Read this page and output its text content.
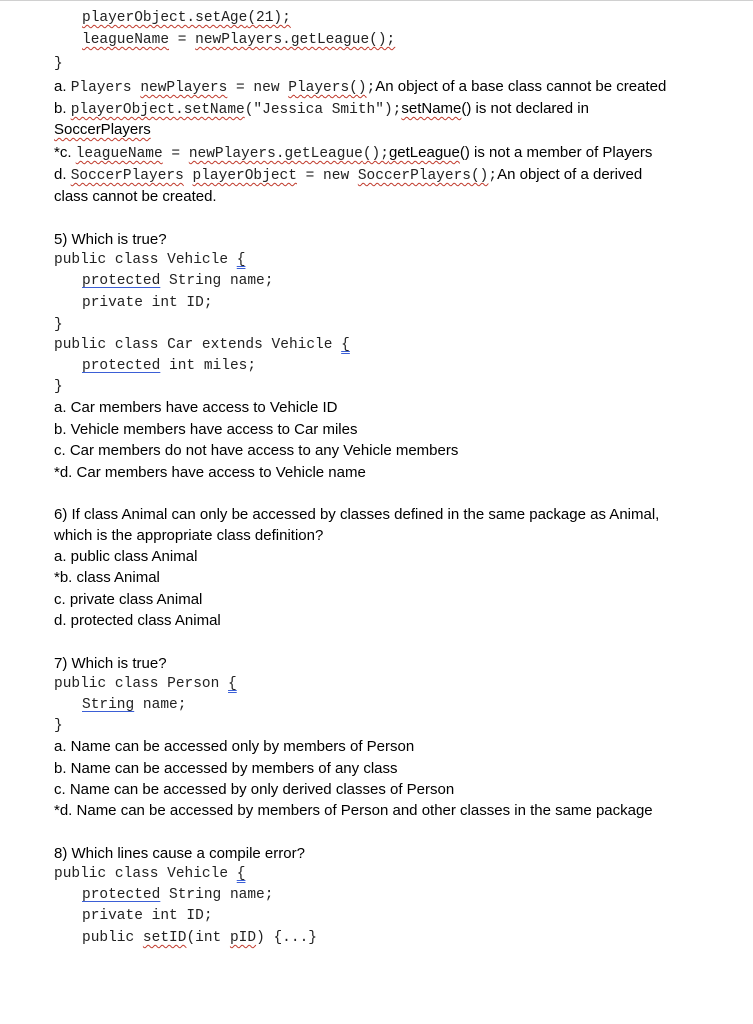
playerObject.setAge(21);
leagueName = newPlayers.getLeague();
}
a. Players newPlayers = new Players();An object of a base class cannot be created
b. playerObject.setName("Jessica Smith");setName() is not declared in
SoccerPlayers
*c. leagueName = newPlayers.getLeague();getLeague() is not a member of Players
d. SoccerPlayers playerObject = new SoccerPlayers();An object of a derived
class cannot be created.
5) Which is true?
public class Vehicle {
protected String name;
private int ID;
}
public class Car extends Vehicle {
protected int miles;
}
a. Car members have access to Vehicle ID
b. Vehicle members have access to Car miles
c. Car members do not have access to any Vehicle members
*d. Car members have access to Vehicle name
6) If class Animal can only be accessed by classes defined in the same package as Animal,
which is the appropriate class definition?
a. public class Animal
*b. class Animal
c. private class Animal
d. protected class Animal
7) Which is true?
public class Person {
String name;
}
a. Name can be accessed only by members of Person
b. Name can be accessed by members of any class
c. Name can be accessed by only derived classes of Person
*d. Name can be accessed by members of Person and other classes in the same package
8) Which lines cause a compile error?
public class Vehicle {
protected String name;
private int ID;
public setID(int pID) {...}
